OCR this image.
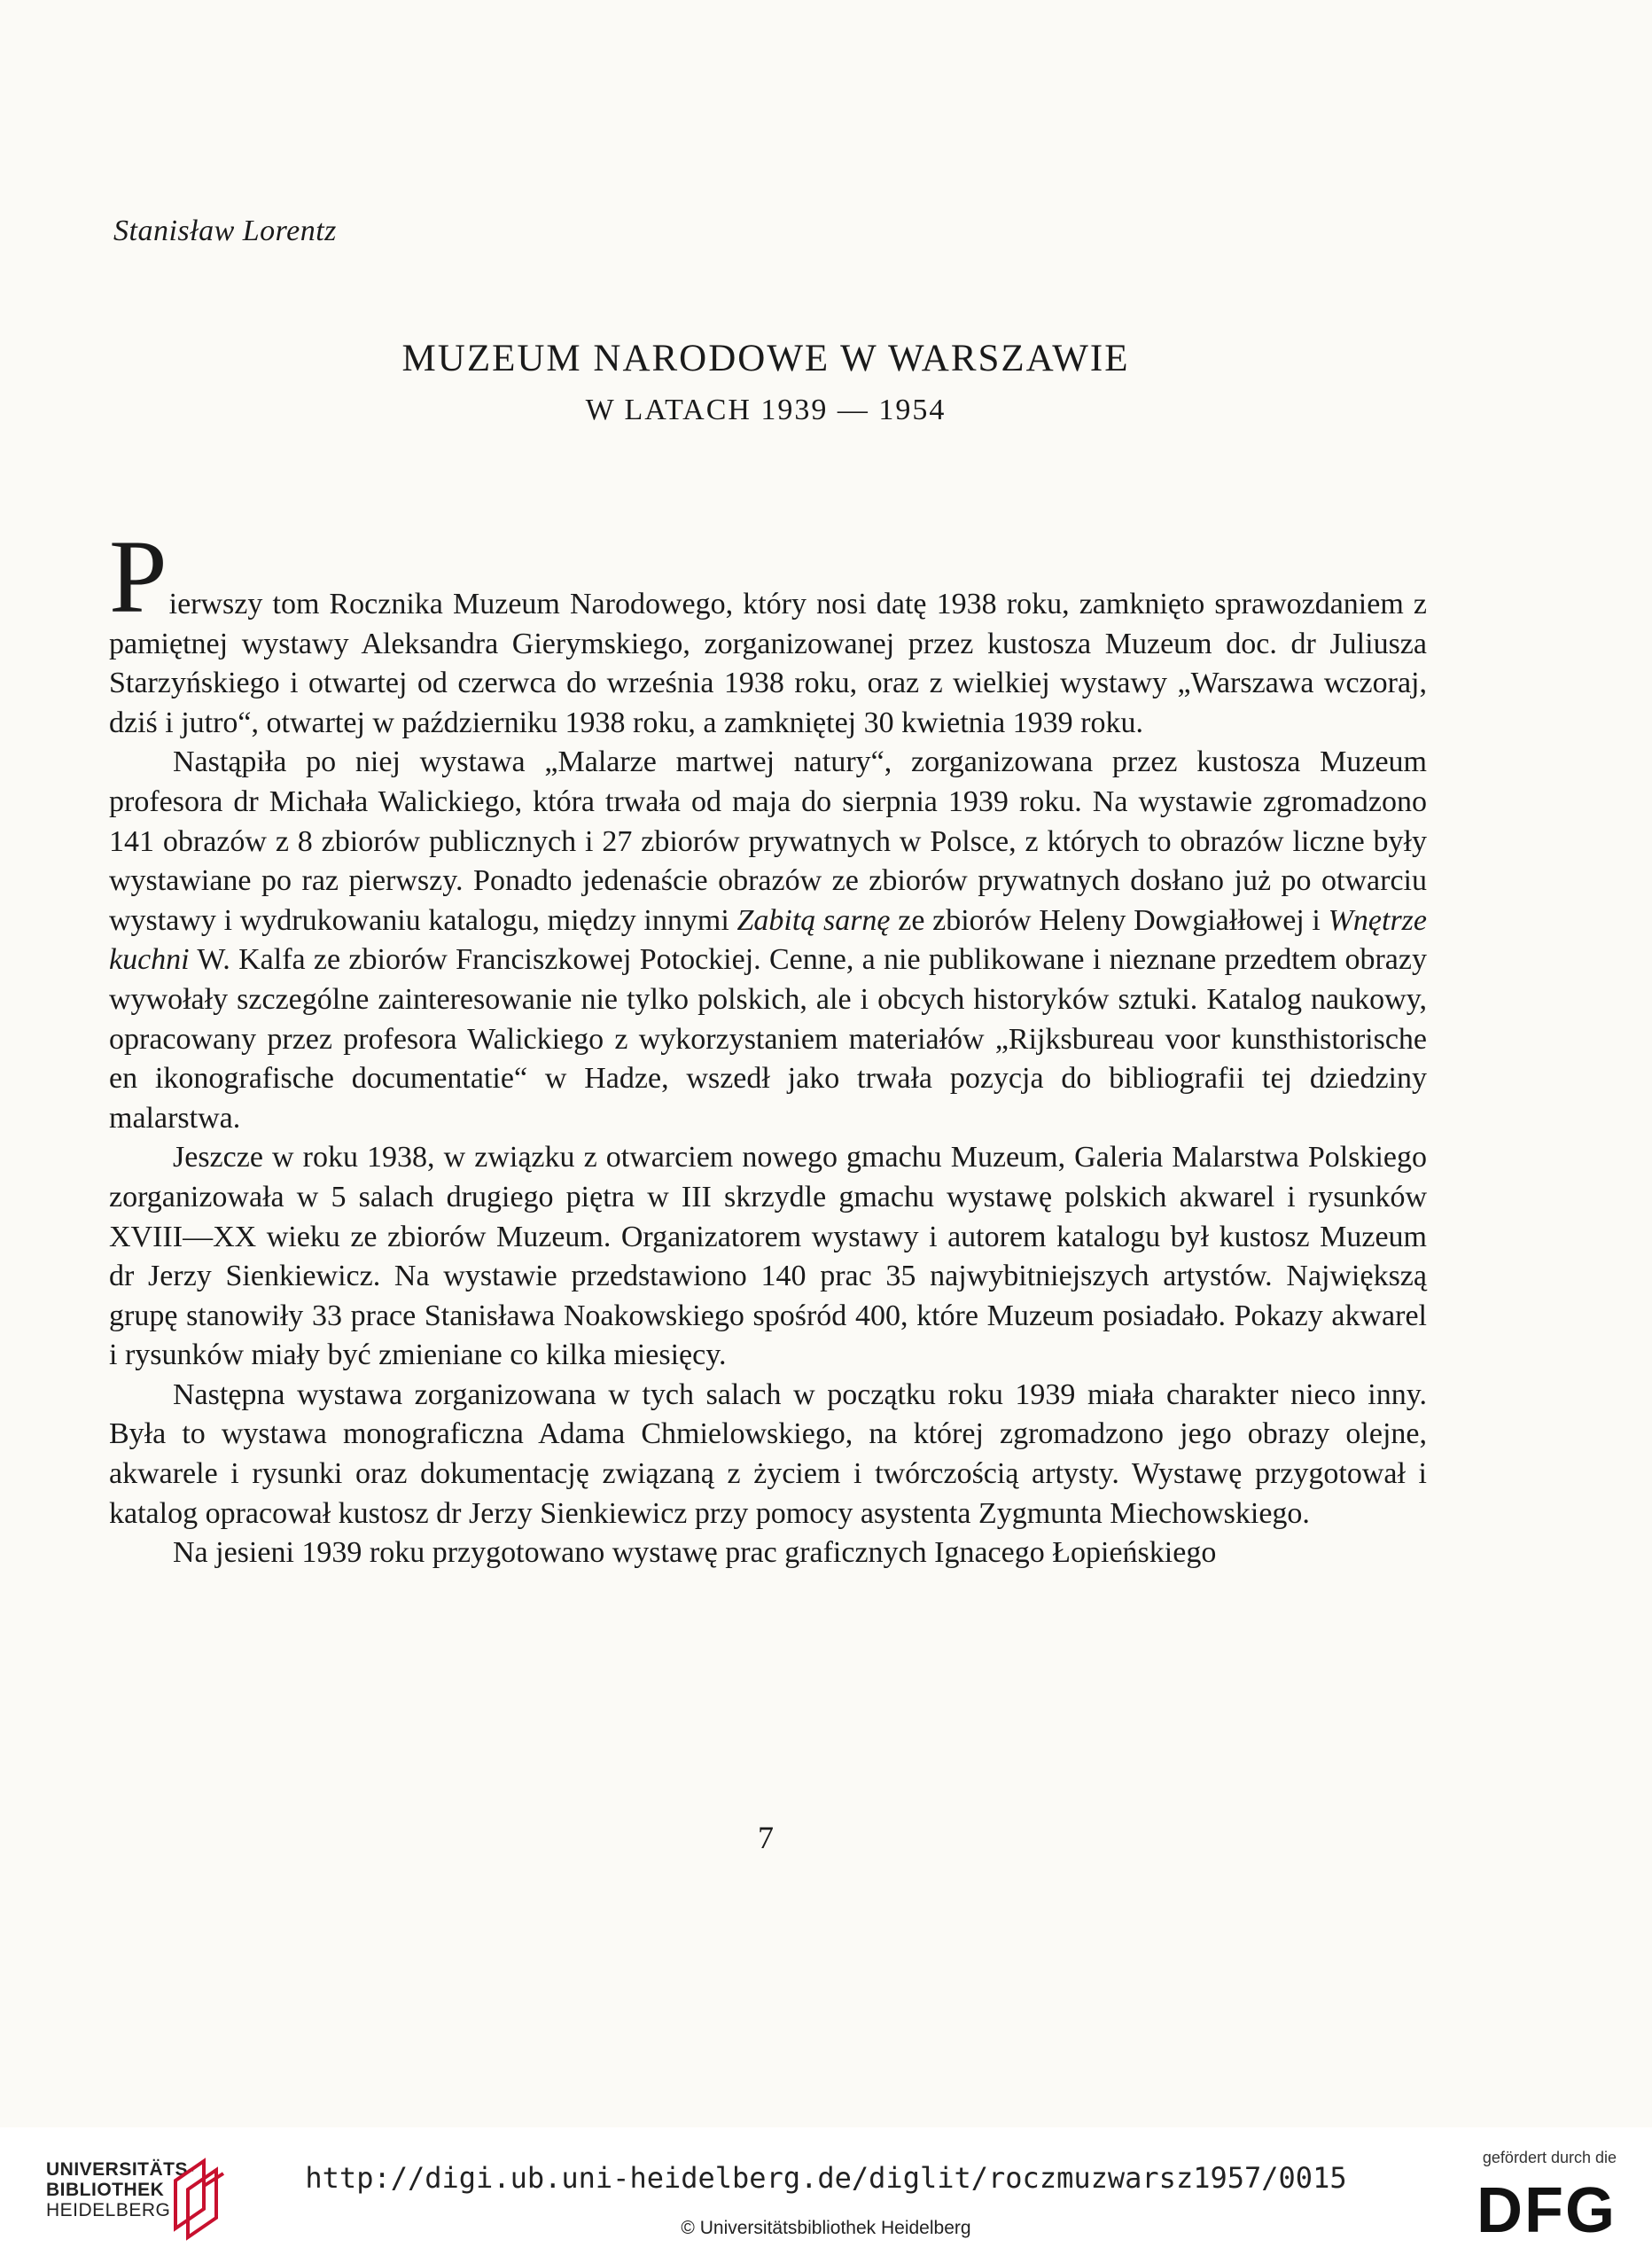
Stanisław Lorentz
MUZEUM NARODOWE W WARSZAWIE
W LATACH 1939 — 1954

Pierwszy tom Rocznika Muzeum Narodowego, który nosi datę 1938 roku, zamknięto sprawozdaniem z pamiętnej wystawy Aleksandra Gierymskiego, zorganizowanej przez kustosza Muzeum doc. dr Juliusza Starzyńskiego i otwartej od czerwca do września 1938 roku, oraz z wielkiej wystawy „Warszawa wczoraj, dziś i jutro“, otwartej w październiku 1938 roku, a zamkniętej 30 kwietnia 1939 roku.

Nastąpiła po niej wystawa „Malarze martwej natury“, zorganizowana przez kustosza Muzeum profesora dr Michała Walickiego, która trwała od maja do sierpnia 1939 roku. Na wystawie zgromadzono 141 obrazów z 8 zbiorów publicznych i 27 zbiorów prywatnych w Polsce, z których to obrazów liczne były wystawiane po raz pierwszy. Ponadto jedenaście obrazów ze zbiorów prywatnych dosłano już po otwarciu wystawy i wydrukowaniu katalogu, między innymi Zabitą sarnę ze zbiorów Heleny Dowgiałłowej i Wnętrze kuchni W. Kalfa ze zbiorów Franciszkowej Potockiej. Cenne, a nie publikowane i nieznane przedtem obrazy wywołały szczególne zainteresowanie nie tylko polskich, ale i obcych historyków sztuki. Katalog naukowy, opracowany przez profesora Walickiego z wykorzystaniem materiałów „Rijksbureau voor kunsthistorische en ikonografische documentatie“ w Hadze, wszedł jako trwała pozycja do bibliografii tej dziedziny malarstwa.

Jeszcze w roku 1938, w związku z otwarciem nowego gmachu Muzeum, Galeria Malarstwa Polskiego zorganizowała w 5 salach drugiego piętra w III skrzydle gmachu wystawę polskich akwarel i rysunków XVIII—XX wieku ze zbiorów Muzeum. Organizatorem wystawy i autorem katalogu był kustosz Muzeum dr Jerzy Sienkiewicz. Na wystawie przedstawiono 140 prac 35 najwybitniejszych artystów. Największą grupę stanowiły 33 prace Stanisława Noakowskiego spośród 400, które Muzeum posiadało. Pokazy akwarel i rysunków miały być zmieniane co kilka miesięcy.

Następna wystawa zorganizowana w tych salach w początku roku 1939 miała charakter nieco inny. Była to wystawa monograficzna Adama Chmielowskiego, na której zgromadzono jego obrazy olejne, akwarele i rysunki oraz dokumentację związaną z życiem i twórczością artysty. Wystawę przygotował i katalog opracował kustosz dr Jerzy Sienkiewicz przy pomocy asystenta Zygmunta Miechowskiego.

Na jesieni 1939 roku przygotowano wystawę prac graficznych Ignacego Łopieńskiego

7
UNIVERSITÄTS-
BIBLIOTHEK
HEIDELBERG
http://digi.ub.uni-heidelberg.de/diglit/roczmuzwarsz1957/0015
© Universitätsbibliothek Heidelberg
gefördert durch die
DFG
